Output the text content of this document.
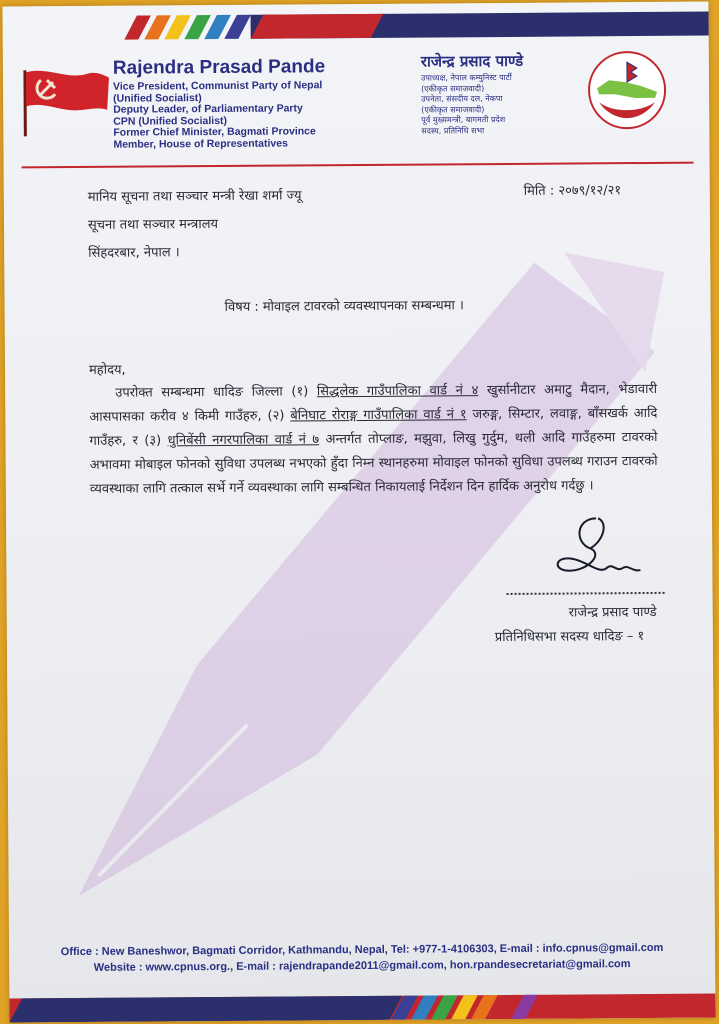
Rajendra Prasad Pande
Vice President, Communist Party of Nepal
(Unified Socialist)
Deputy Leader, of Parliamentary Party
CPN (Unified Socialist)
Former Chief Minister, Bagmati Province
Member, House of Representatives
राजेन्द्र प्रसाद पाण्डे
उपाध्यक्ष, नेपाल कम्युनिस्ट पार्टी
(एकीकृत समाजवादी)
उपनेता, संसदीय दल, नेकपा
(एकीकृत समाजवादी)
पूर्व मुख्यमन्त्री, बागमती प्रदेश
सदस्य, प्रतिनिधि सभा
मानिय सूचना तथा सञ्चार मन्त्री रेखा शर्मा ज्यू
सूचना तथा सञ्चार मन्त्रालय
सिंहदरबार, नेपाल ।
मिति : २०७९/१२/२१
विषय : मोवाइल टावरको व्यवस्थापनका सम्बन्धमा ।
महोदय,
  उपरोक्त सम्बन्धमा धादिङ जिल्ला (१) सिद्धलेक गाउँपालिका वार्ड नं ४ खुर्सानीटार अमाटु मैदान, भेडावारी आसपासका करीव ४ किमी गाउँहरु, (२) बेनिघाट रोराङ्ग गाउँपालिका वार्ड नं १ जरुङ्ग, सिम्टार, लवाङ्ग, बाँसखर्क आदि गाउँहरु, र (३) धुनिबेंसी नगरपालिका वार्ड नं ७ अन्तर्गत तोप्लाङ, मझुवा, लिखु गुर्दुम, थली आदि गाउँहरुमा टावरको अभावमा मोबाइल फोनको सुविधा उपलब्ध नभएको हुँदा निम्न स्थानहरुमा मोवाइल फोनको सुविधा उपलब्ध गराउन टावरको व्यवस्थाका लागि तत्काल सर्भे गर्ने व्यवस्थाका लागि सम्बन्धित निकायलाई निर्देशन दिन हार्दिक अनुरोध गर्दछु ।
राजेन्द्र प्रसाद पाण्डे
प्रतिनिधिसभा सदस्य धादिङ – १
Office : New Baneshwor, Bagmati Corridor, Kathmandu, Nepal, Tel: +977-1-4106303, E-mail : info.cpnus@gmail.com
Website : www.cpnus.org., E-mail : rajendrapande2011@gmail.com, hon.rpandesecretariat@gmail.com
